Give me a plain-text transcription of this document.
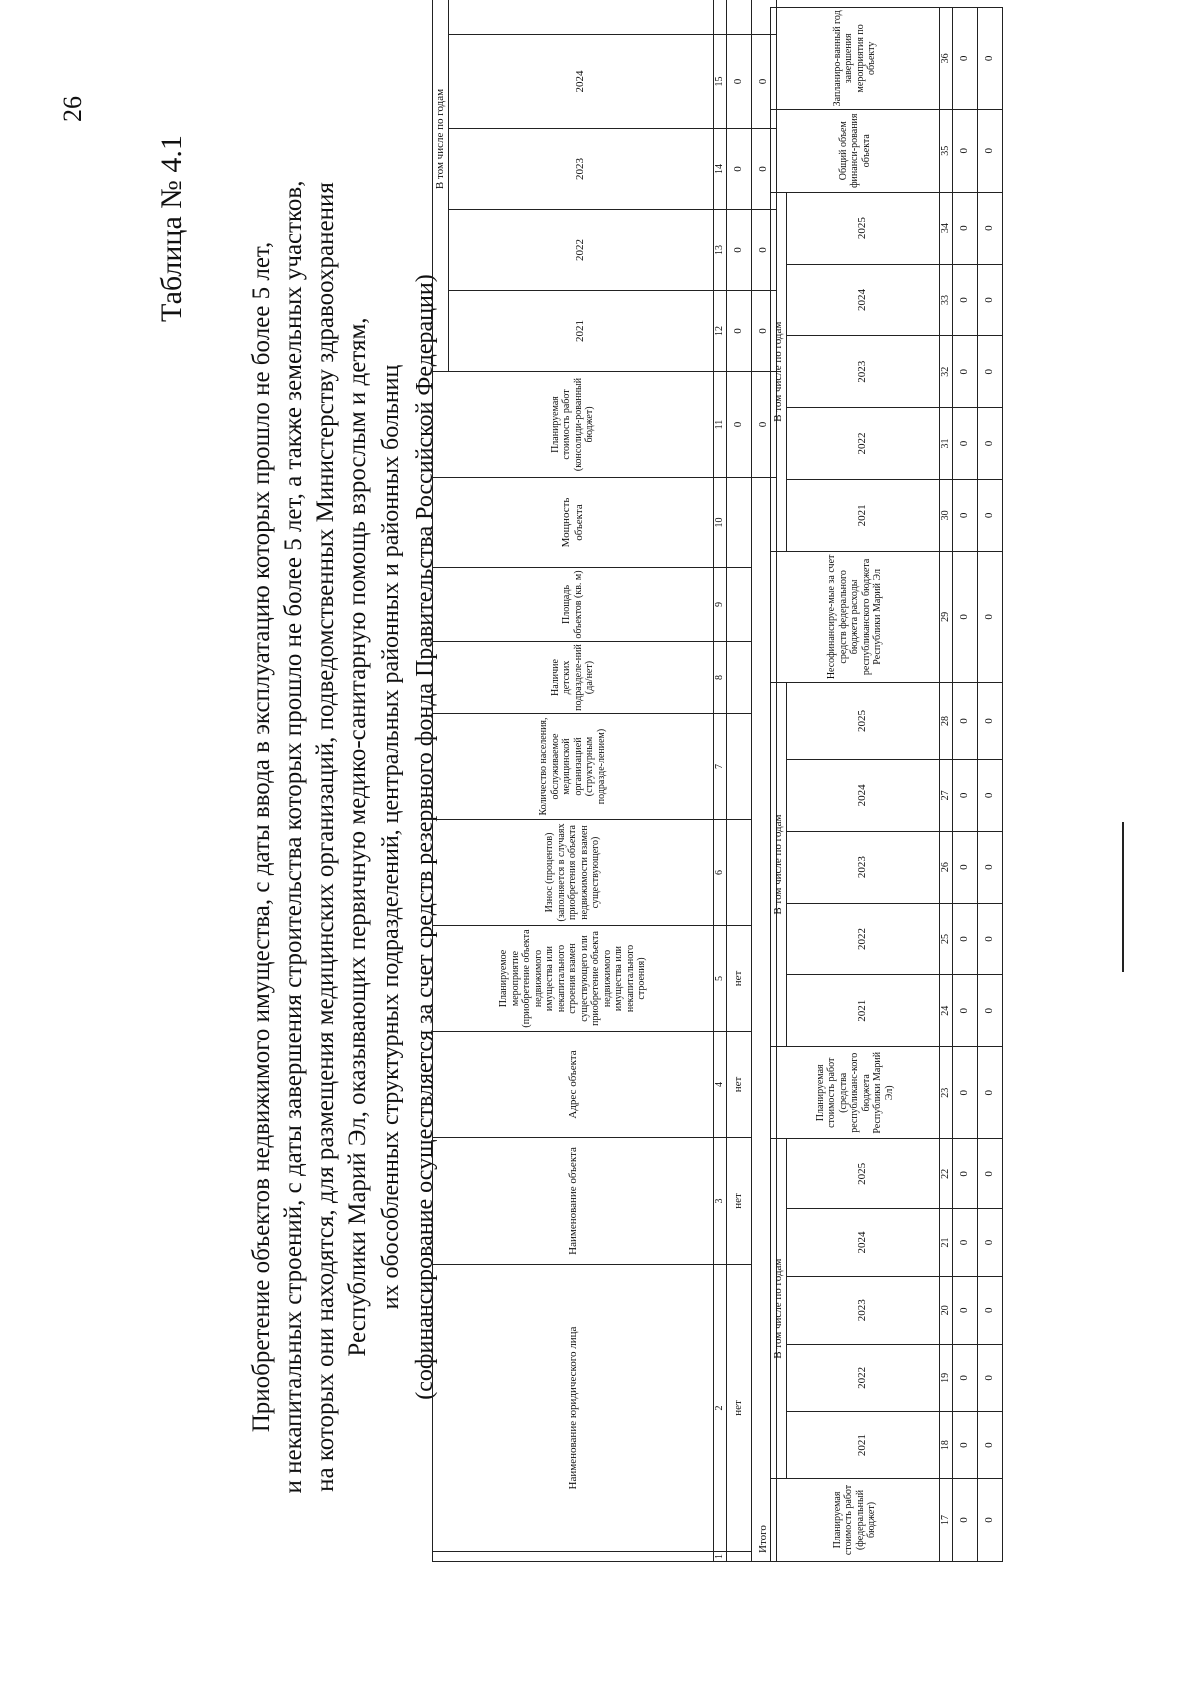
26
Таблица № 4.1
Приобретение объектов недвижимого имущества, с даты ввода в эксплуатацию которых прошло не более 5 лет, и некапитальных строений, с даты завершения строительства которых прошло не более 5 лет, а также земельных участков, на которых они находятся, для размещения медицинских организаций, подведомственных Министерству здравоохранения Республики Марий Эл, оказывающих первичную медико-санитарную помощь взрослым и детям, их обособленных структурных подразделений, центральных районных и районных больниц (софинансирование осуществляется за счет средств резервного фонда Правительства Российской Федерации)
	Наименование юридического лица	Наименование объекта	Адрес объекта	Планируемое мероприятие (приобретение объекта недвижимого имущества или некапитального строения взамен существующего или приобретение объекта недвижимого имущества или некапитального строения)	Износ (процентов) (заполняется в случаях приобретения объекта недвижимости взамен существующего)	Количество населения, обслуживаемое медицинской организацией (структурным подразде-лением)	Наличие детских подразделе-ний (да/нет)	Площадь объектов (кв. м)	Мощность объекта	Планируемая стоимость работ (консолиди-рованный бюджет)	В том числе по годам				
											2021	2022	2023	2024	
1	2	3	4	5	6	7	8	9	10	11	12	13	14	15	
	нет	нет	нет	нет						0	0	0	0	0	
Итого										0	0	0	0	0	
Планируемая стоимость работ (федеральный бюджет)	В том числе по годам					Планируемая стоимость работ (средства республиканс-кого бюджета Республики Марий Эл)	В том числе по годам					Несофинансируе-мые за счет средств федерального бюджета расходы республиканского бюджета Республики Марий Эл	В том числе по годам					Общий объем финанси-рования объекта	Запланиро-ванный год завершения мероприятия по объекту
	2021	2022	2023	2024	2025		2021	2022	2023	2024	2025		2021	2022	2023	2024	2025		
17	18	19	20	21	22	23	24	25	26	27	28	29	30	31	32	33	34	35	36
0	0	0	0	0	0	0	0	0	0	0	0	0	0	0	0	0	0	0	0
0	0	0	0	0	0	0	0	0	0	0	0	0	0	0	0	0	0	0	0
